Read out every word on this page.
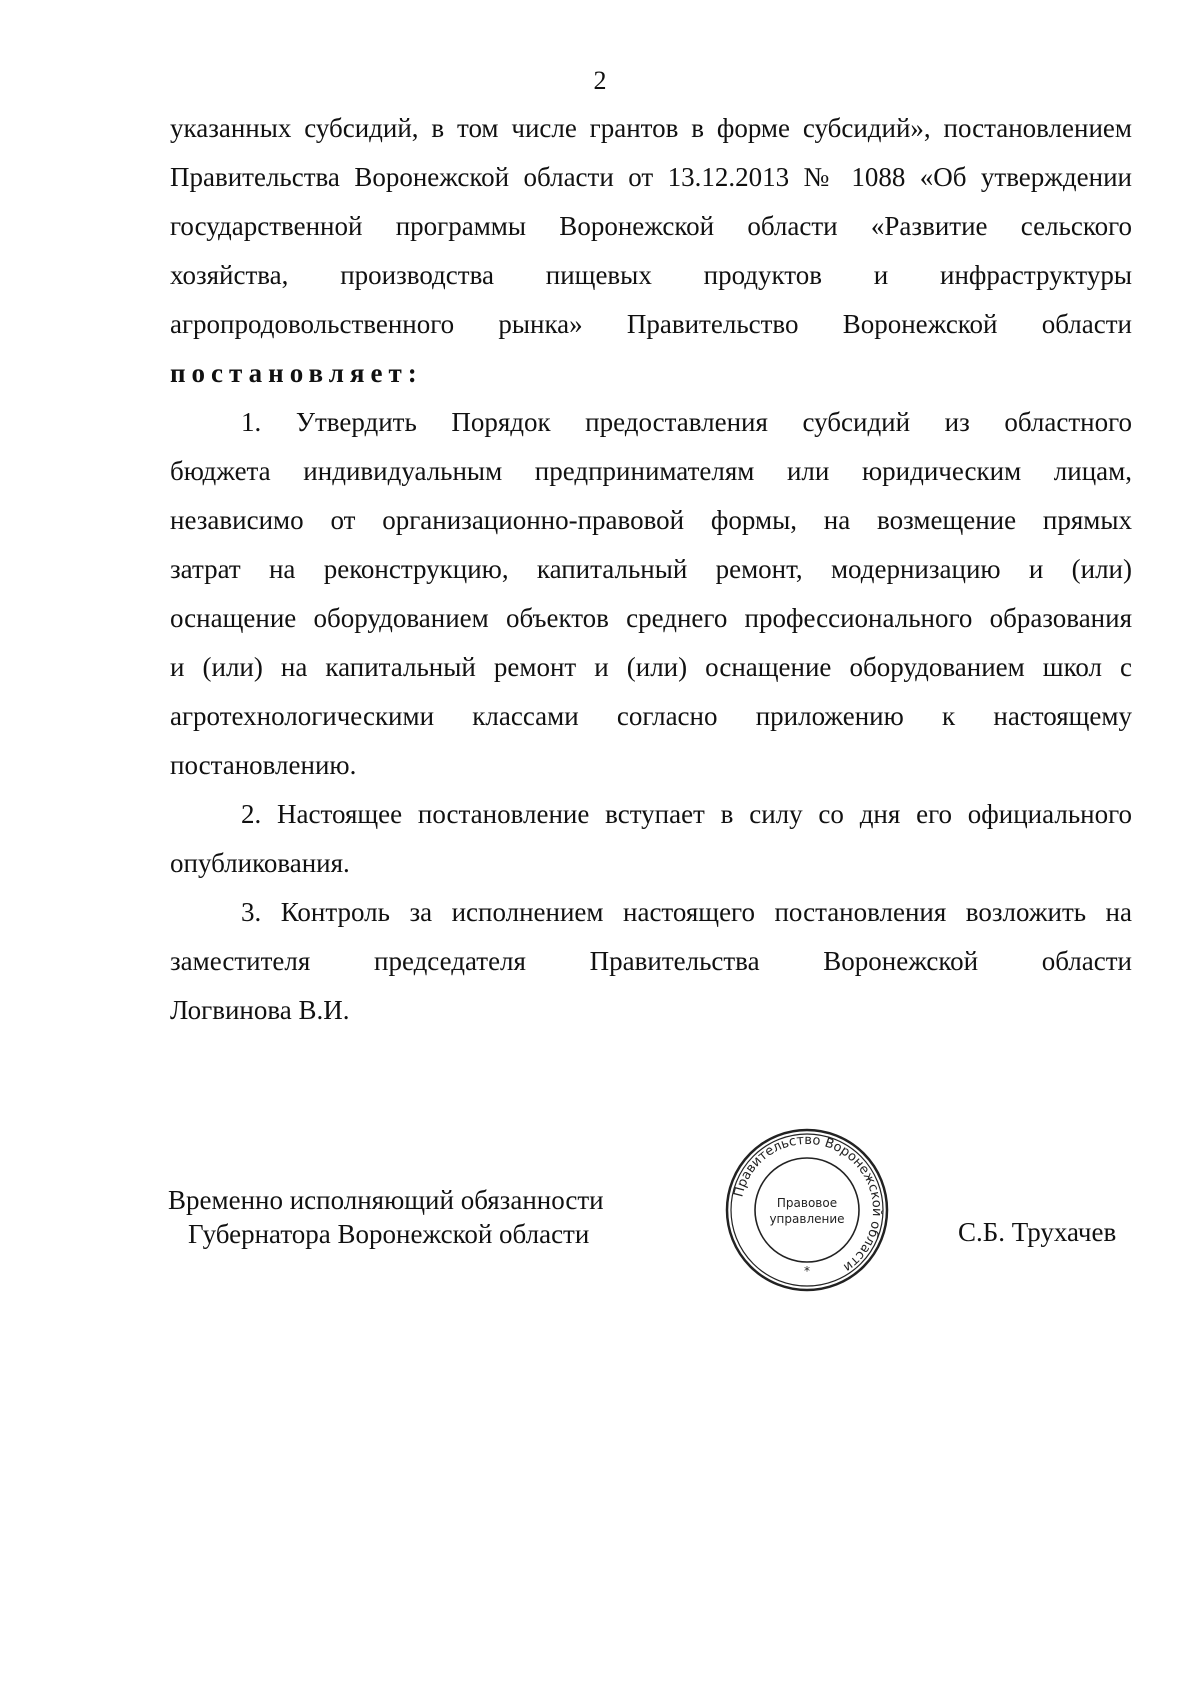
2
указанных субсидий, в том числе грантов в форме субсидий», постановлением
Правительства Воронежской области от 13.12.2013 № 1088 «Об утверждении
государственной программы Воронежской области «Развитие сельского
хозяйства, производства пищевых продуктов и инфраструктуры
агропродовольственного рынка» Правительство Воронежской области
постановляет:
1. Утвердить Порядок предоставления субсидий из областного
бюджета индивидуальным предпринимателям или юридическим лицам,
независимо от организационно-правовой формы, на возмещение прямых
затрат на реконструкцию, капитальный ремонт, модернизацию и (или)
оснащение оборудованием объектов среднего профессионального образования
и (или) на капитальный ремонт и (или) оснащение оборудованием школ с
агротехнологическими классами согласно приложению к настоящему
постановлению.
2. Настоящее постановление вступает в силу со дня его официального
опубликования.
3. Контроль за исполнением настоящего постановления возложить на
заместителя председателя Правительства Воронежской области
Логвинова В.И.
Временно исполняющий обязанности
Губернатора Воронежской области
Правительство Воронежской области
Правовое
управление
*
С.Б. Трухачев
